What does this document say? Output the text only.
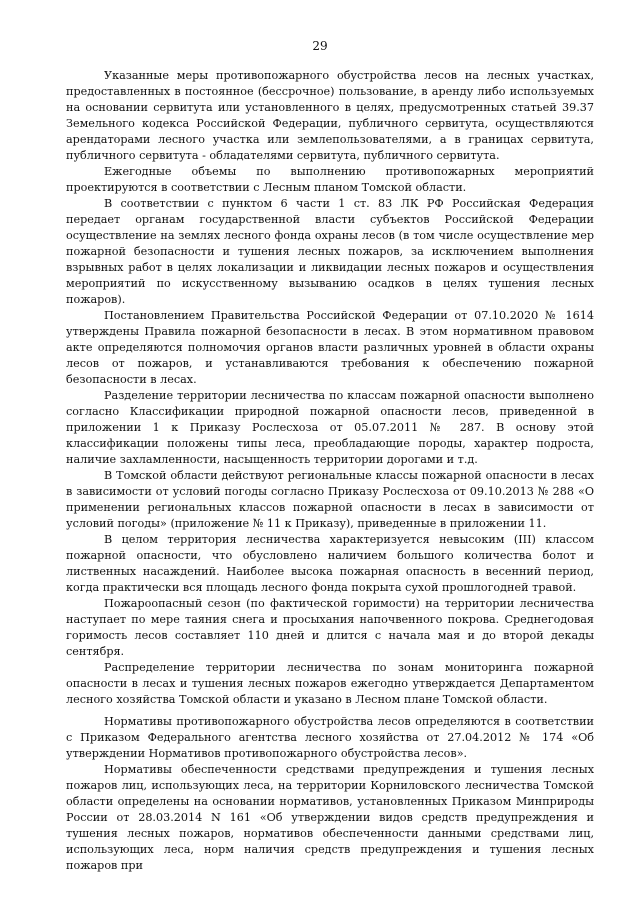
29

Указанные меры противопожарного обустройства лесов на лесных участках, предоставленных в постоянное (бессрочное) пользование, в аренду либо используемых на основании сервитута или установленного в целях, предусмотренных статьей 39.37 Земельного кодекса Российской Федерации, публичного сервитута, осуществляются арендаторами лесного участка или землепользователями, а в границах сервитута, публичного сервитута - обладателями сервитута, публичного сервитута.

Ежегодные объемы по выполнению противопожарных мероприятий проектируются в соответствии с Лесным планом Томской области.

В соответствии с пунктом 6 части 1 ст. 83 ЛК РФ Российская Федерация передает органам государственной власти субъектов Российской Федерации осуществление на землях лесного фонда охраны лесов (в том числе осуществление мер пожарной безопасности и тушения лесных пожаров, за исключением выполнения взрывных работ в целях локализации и ликвидации лесных пожаров и осуществления мероприятий по искусственному вызыванию осадков в целях тушения лесных пожаров).

Постановлением Правительства Российской Федерации от 07.10.2020 № 1614 утверждены Правила пожарной безопасности в лесах. В этом нормативном правовом акте определяются полномочия органов власти различных уровней в области охраны лесов от пожаров, и устанавливаются требования к обеспечению пожарной безопасности в лесах.

Разделение территории лесничества по классам пожарной опасности выполнено согласно Классификации природной пожарной опасности лесов, приведенной в приложении 1 к Приказу Рослесхоза от 05.07.2011 № 287. В основу этой классификации положены типы леса, преобладающие породы, характер подроста, наличие захламленности, насыщенность территории дорогами и т.д.

В Томской области действуют региональные классы пожарной опасности в лесах в зависимости от условий погоды согласно Приказу Рослесхоза от 09.10.2013 № 288 «О применении региональных классов пожарной опасности в лесах в зависимости от условий погоды» (приложение № 11 к Приказу), приведенные в приложении 11.

В целом территория лесничества характеризуется невысоким (III) классом пожарной опасности, что обусловлено наличием большого количества болот и лиственных насаждений. Наиболее высока пожарная опасность в весенний период, когда практически вся площадь лесного фонда покрыта сухой прошлогодней травой.

Пожароопасный сезон (по фактической горимости) на территории лесничества наступает по мере таяния снега и просыхания напочвенного покрова. Среднегодовая горимость лесов составляет 110 дней и длится с начала мая и до второй декады сентября.

Распределение территории лесничества по зонам мониторинга пожарной опасности в лесах и тушения лесных пожаров ежегодно утверждается Департаментом лесного хозяйства Томской области и указано в Лесном плане Томской области.

Нормативы противопожарного обустройства лесов определяются в соответствии с Приказом Федерального агентства лесного хозяйства от 27.04.2012 № 174 «Об утверждении Нормативов противопожарного обустройства лесов».

Нормативы обеспеченности средствами предупреждения и тушения лесных пожаров лиц, использующих леса, на территории Корниловского лесничества Томской области определены на основании нормативов, установленных Приказом Минприроды России от 28.03.2014 N 161 «Об утверждении видов средств предупреждения и тушения лесных пожаров, нормативов обеспеченности данными средствами лиц, использующих леса, норм наличия средств предупреждения и тушения лесных пожаров при
